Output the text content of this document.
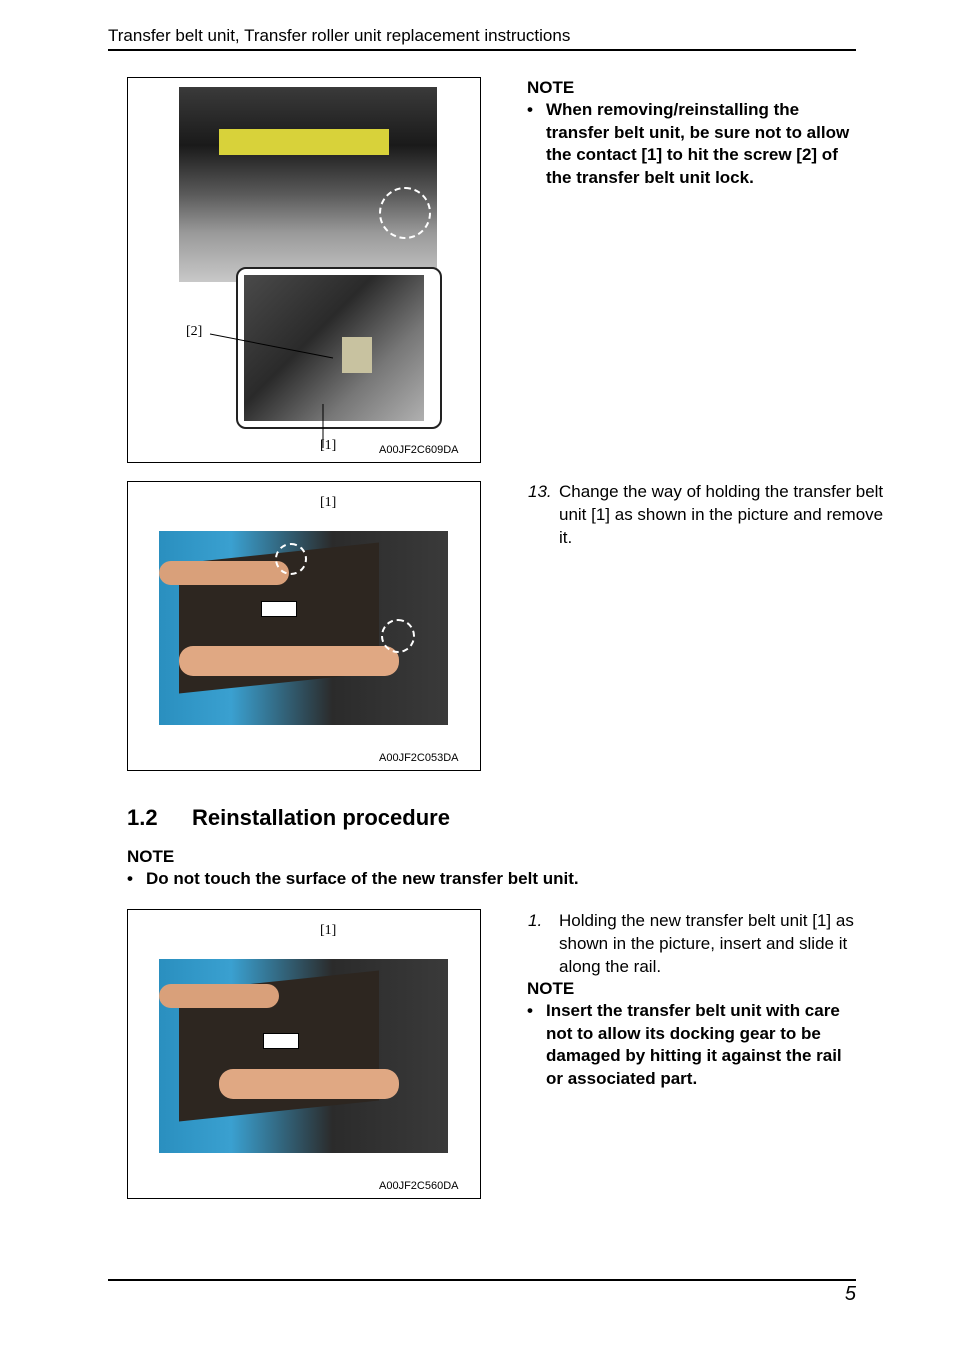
Transfer belt unit, Transfer roller unit replacement instructions
[2]
[1]	A00JF2C609DA
NOTE
• When removing/reinstalling the transfer belt unit, be sure not to allow the contact [1] to hit the screw [2] of the transfer belt unit lock.
[1]
A00JF2C053DA
13. Change the way of holding the transfer belt unit [1] as shown in the picture and remove it.
1.2 Reinstallation procedure
NOTE
• Do not touch the surface of the new transfer belt unit.
[1]
A00JF2C560DA
1. Holding the new transfer belt unit [1] as shown in the picture, insert and slide it along the rail.
NOTE
• Insert the transfer belt unit with care not to allow its docking gear to be damaged by hitting it against the rail or associated part.
5
